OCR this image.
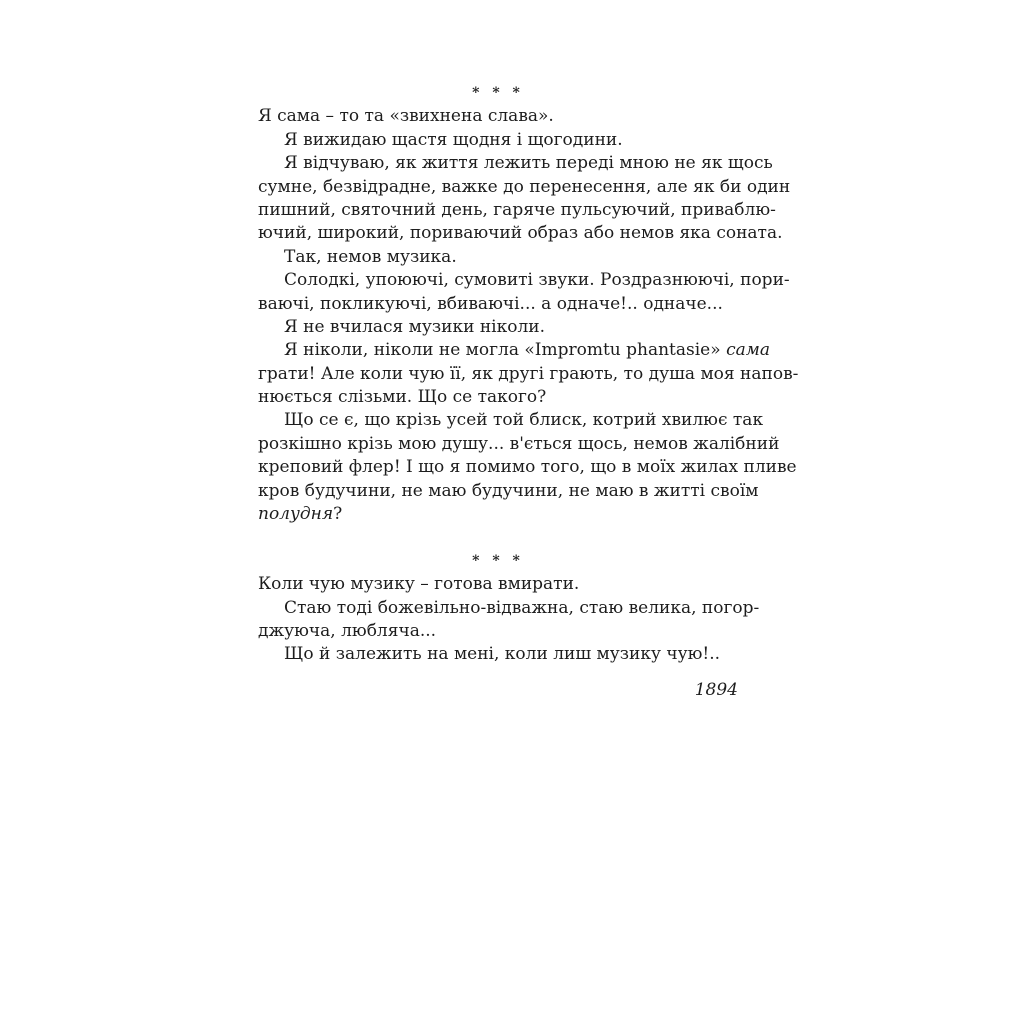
* * *
Я сама – то та «звихнена слава».
Я вижидаю щастя щодня і щогодини.
Я відчуваю, як життя лежить переді мною не як щось
сумне, безвідрадне, важке до перенесення, але як би один
пишний, святочний день, гаряче пульсуючий, приваблю-
ючий, широкий, пориваючий образ або немов яка соната.
Так, немов музика.
Солодкі, упоюючі, сумовиті звуки. Роздразнюючі, пори-
ваючі, покликуючі, вбиваючі... а одначе!.. одначе...
Я не вчилася музики ніколи.
Я ніколи, ніколи не могла «Impromtu phantasie» сама
грати! Але коли чую її, як другі грають, то душа моя напов-
нюється слізьми. Що се такого?
Що се є, що крізь усей той блиск, котрий хвилює так
розкішно крізь мою душу... в'ється щось, немов жалібний
креповий флер! І що я помимо того, що в моїх жилах пливе
кров будучини, не маю будучини, не маю в житті своїм
полудня?
* * *
Коли чую музику – готова вмирати.
Стаю тоді божевільно-відважна, стаю велика, погор-
джуюча, любляча...
Що й залежить на мені, коли лиш музику чую!..
1894
